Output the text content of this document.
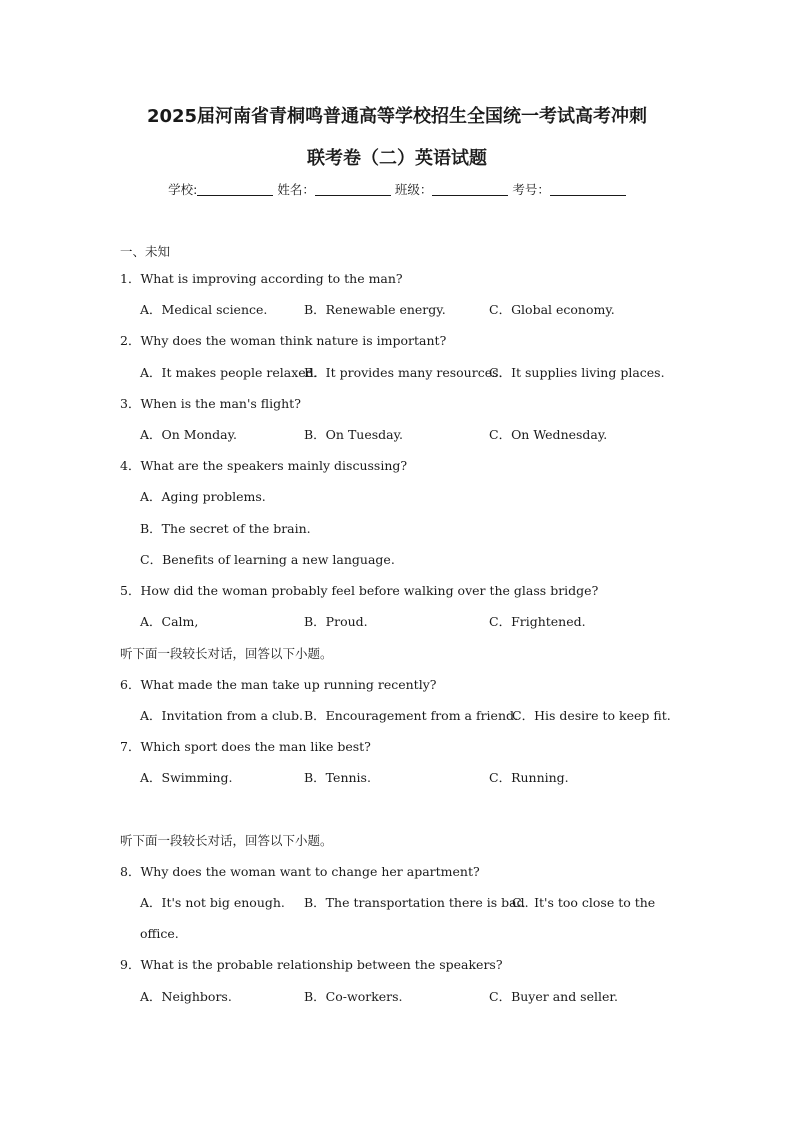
2025届河南省青桐鸣普通高等学校招生全国统一考试高考冲刺
联考卷（二）英语试题
学校:	姓名：	班级：	考号：
一、未知
1．What is improving according to the man?
A．Medical science.	B．Renewable energy.	C．Global economy.
2．Why does the woman think nature is important?
A．It makes people relaxed.
B．It provides many resources.
C．It supplies living places.
3．When is the man's flight?
A．On Monday.	B．On Tuesday.	C．On Wednesday.
4．What are the speakers mainly discussing?
A．Aging problems.
B．The secret of the brain.
C．Benefits of learning a new language.
5．How did the woman probably feel before walking over the glass bridge?
A．Calm,	B．Proud.	C．Frightened.
听下面一段较长对话，回答以下小题。
6．What made the man take up running recently?
A．Invitation from a club. B．Encouragement from a friend.
C．His desire to keep fit.
7．Which sport does the man like best?
A．Swimming.	B．Tennis.	C．Running.
听下面一段较长对话，回答以下小题。
8．Why does the woman want to change her apartment?
A．It's not big enough. B．The transportation there is bad.
C．It's too close to the
office.
9．What is the probable relationship between the speakers?
A．Neighbors.	B．Co-workers.	C．Buyer and seller.
